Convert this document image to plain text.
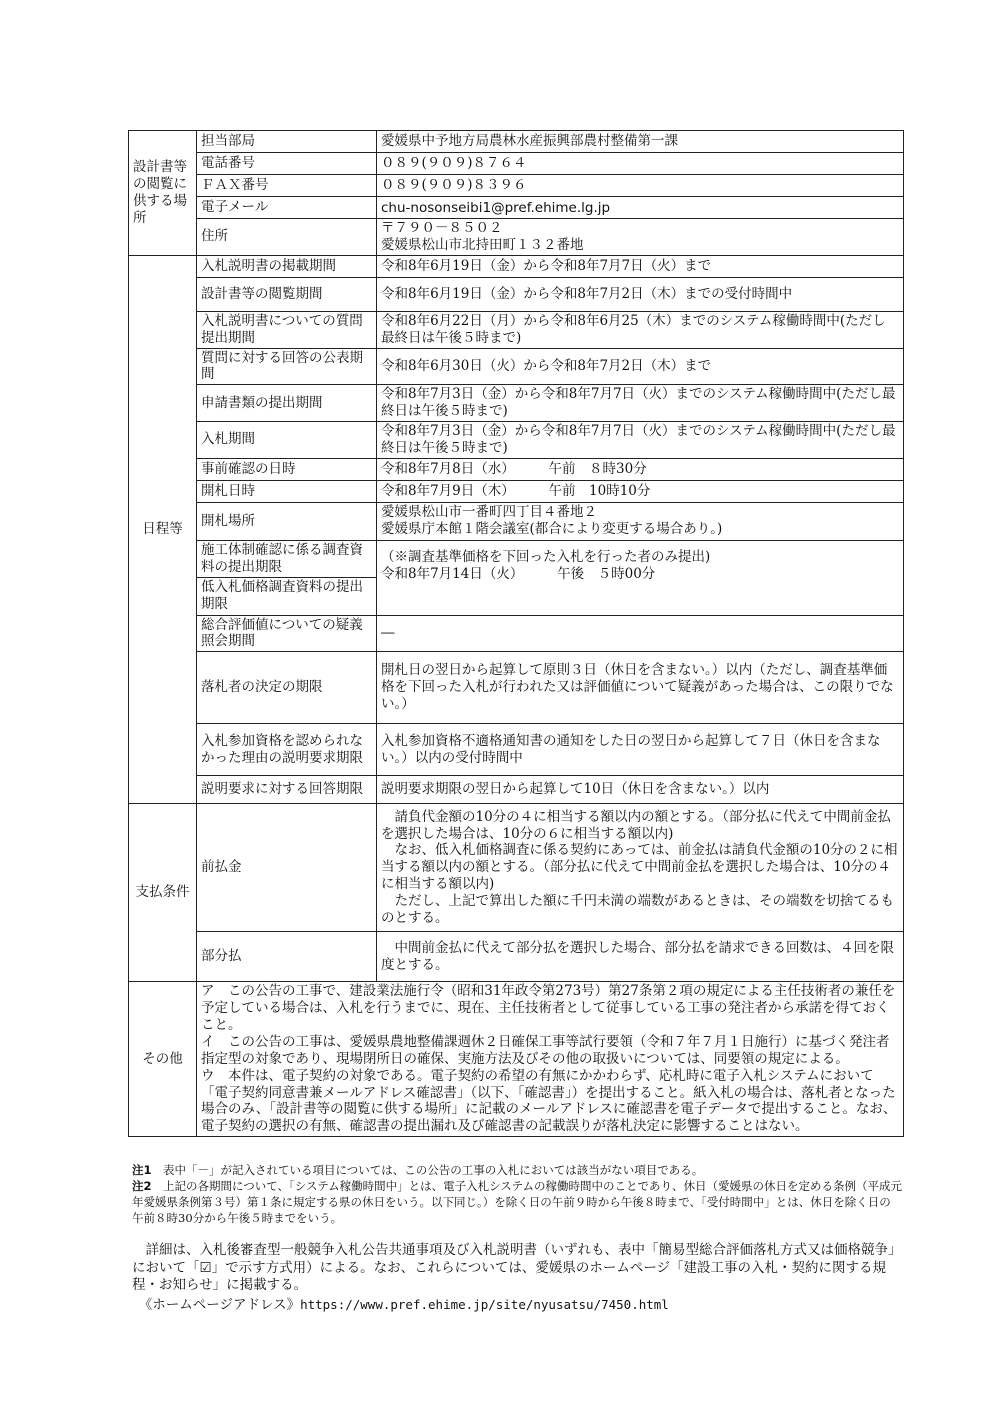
設計書等の閲覧に供する場所	担当部局	愛媛県中予地方局農林水産振興部農村整備第一課
	電話番号	０８９(９０９)８７６４
	ＦＡＸ番号	０８９(９０９)８３９６
	電子メール	chu-nosonseibi1@pref.ehime.lg.jp
	住所	〒７９０－８５０２
愛媛県松山市北持田町１３２番地

日程等	入札説明書の掲載期間	令和8年6月19日（金）から令和8年7月7日（火）まで
	設計書等の閲覧期間	令和8年6月19日（金）から令和8年7月2日（木）までの受付時間中
	入札説明書についての質問提出期間	令和8年6月22日（月）から令和8年6月25（木）までのシステム稼働時間中(ただし最終日は午後５時まで)
	質問に対する回答の公表期間	令和8年6月30日（火）から令和8年7月2日（木）まで
	申請書類の提出期間	令和8年7月3日（金）から令和8年7月7日（火）までのシステム稼働時間中(ただし最終日は午後５時まで)
	入札期間	令和8年7月3日（金）から令和8年7月7日（火）までのシステム稼働時間中(ただし最終日は午後５時まで)
	事前確認の日時	令和8年7月8日（水）　　　午前　８時30分
	開札日時	令和8年7月9日（木）　　　午前　10時10分
	開札場所	愛媛県松山市一番町四丁目４番地２
愛媛県庁本館１階会議室(都合により変更する場合あり。)

	施工体制確認に係る調査資料の提出期限	（※調査基準価格を下回った入札を行った者のみ提出)
令和8年7月14日（火）　　　午後　５時00分

	低入札価格調査資料の提出期限	
	総合評価値についての疑義照会期間	―
	落札者の決定の期限	開札日の翌日から起算して原則３日（休日を含まない。）以内（ただし、調査基準価格を下回った入札が行われた又は評価値について疑義があった場合は、この限りでない。）
	入札参加資格を認められなかった理由の説明要求期限	入札参加資格不適格通知書の通知をした日の翌日から起算して７日（休日を含まない。）以内の受付時間中
	説明要求に対する回答期限	説明要求期限の翌日から起算して10日（休日を含まない。）以内

支払条件	前払金	　請負代金額の10分の４に相当する額以内の額とする。（部分払に代えて中間前金払を選択した場合は、10分の６に相当する額以内)
　なお、低入札価格調査に係る契約にあっては、前金払は請負代金額の10分の２に相当する額以内の額とする。（部分払に代えて中間前金払を選択した場合は、10分の４に相当する額以内)
　ただし、上記で算出した額に千円未満の端数があるときは、その端数を切捨てるものとする。

	部分払	　中間前金払に代えて部分払を選択した場合、部分払を請求できる回数は、４回を限度とする。

その他	ア　この公告の工事で、建設業法施行令（昭和31年政令第273号）第27条第２項の規定による主任技術者の兼任を予定している場合は、入札を行うまでに、現在、主任技術者として従事している工事の発注者から承諾を得ておくこと。
イ　この公告の工事は、愛媛県農地整備課週休２日確保工事等試行要領（令和７年７月１日施行）に基づく発注者指定型の対象であり、現場閉所日の確保、実施方法及びその他の取扱いについては、同要領の規定による。
ウ　本件は、電子契約の対象である。電子契約の希望の有無にかかわらず、応札時に電子入札システムにおいて「電子契約同意書兼メールアドレス確認書」（以下、「確認書」）を提出すること。紙入札の場合は、落札者となった場合のみ、「設計書等の閲覧に供する場所」に記載のメールアドレスに確認書を電子データで提出すること。なお、電子契約の選択の有無、確認書の提出漏れ及び確認書の記載誤りが落札決定に影響することはない。	

注1　表中「－」が記入されている項目については、この公告の工事の入札においては該当がない項目である。

注2　上記の各期間について、「システム稼働時間中」とは、電子入札システムの稼働時間中のことであり、休日（愛媛県の休日を定める条例（平成元年愛媛県条例第３号）第１条に規定する県の休日をいう。以下同じ。）を除く日の午前９時から午後８時まで、「受付時間中」とは、休日を除く日の午前８時30分から午後５時までをいう。

　詳細は、入札後審査型一般競争入札公告共通事項及び入札説明書（いずれも、表中「簡易型総合評価落札方式又は価格競争」において「☑」で示す方式用）による。なお、これらについては、愛媛県のホームページ「建設工事の入札・契約に関する規程・お知らせ」に掲載する。

　《ホームページアドレス》https://www.pref.ehime.jp/site/nyusatsu/7450.html
